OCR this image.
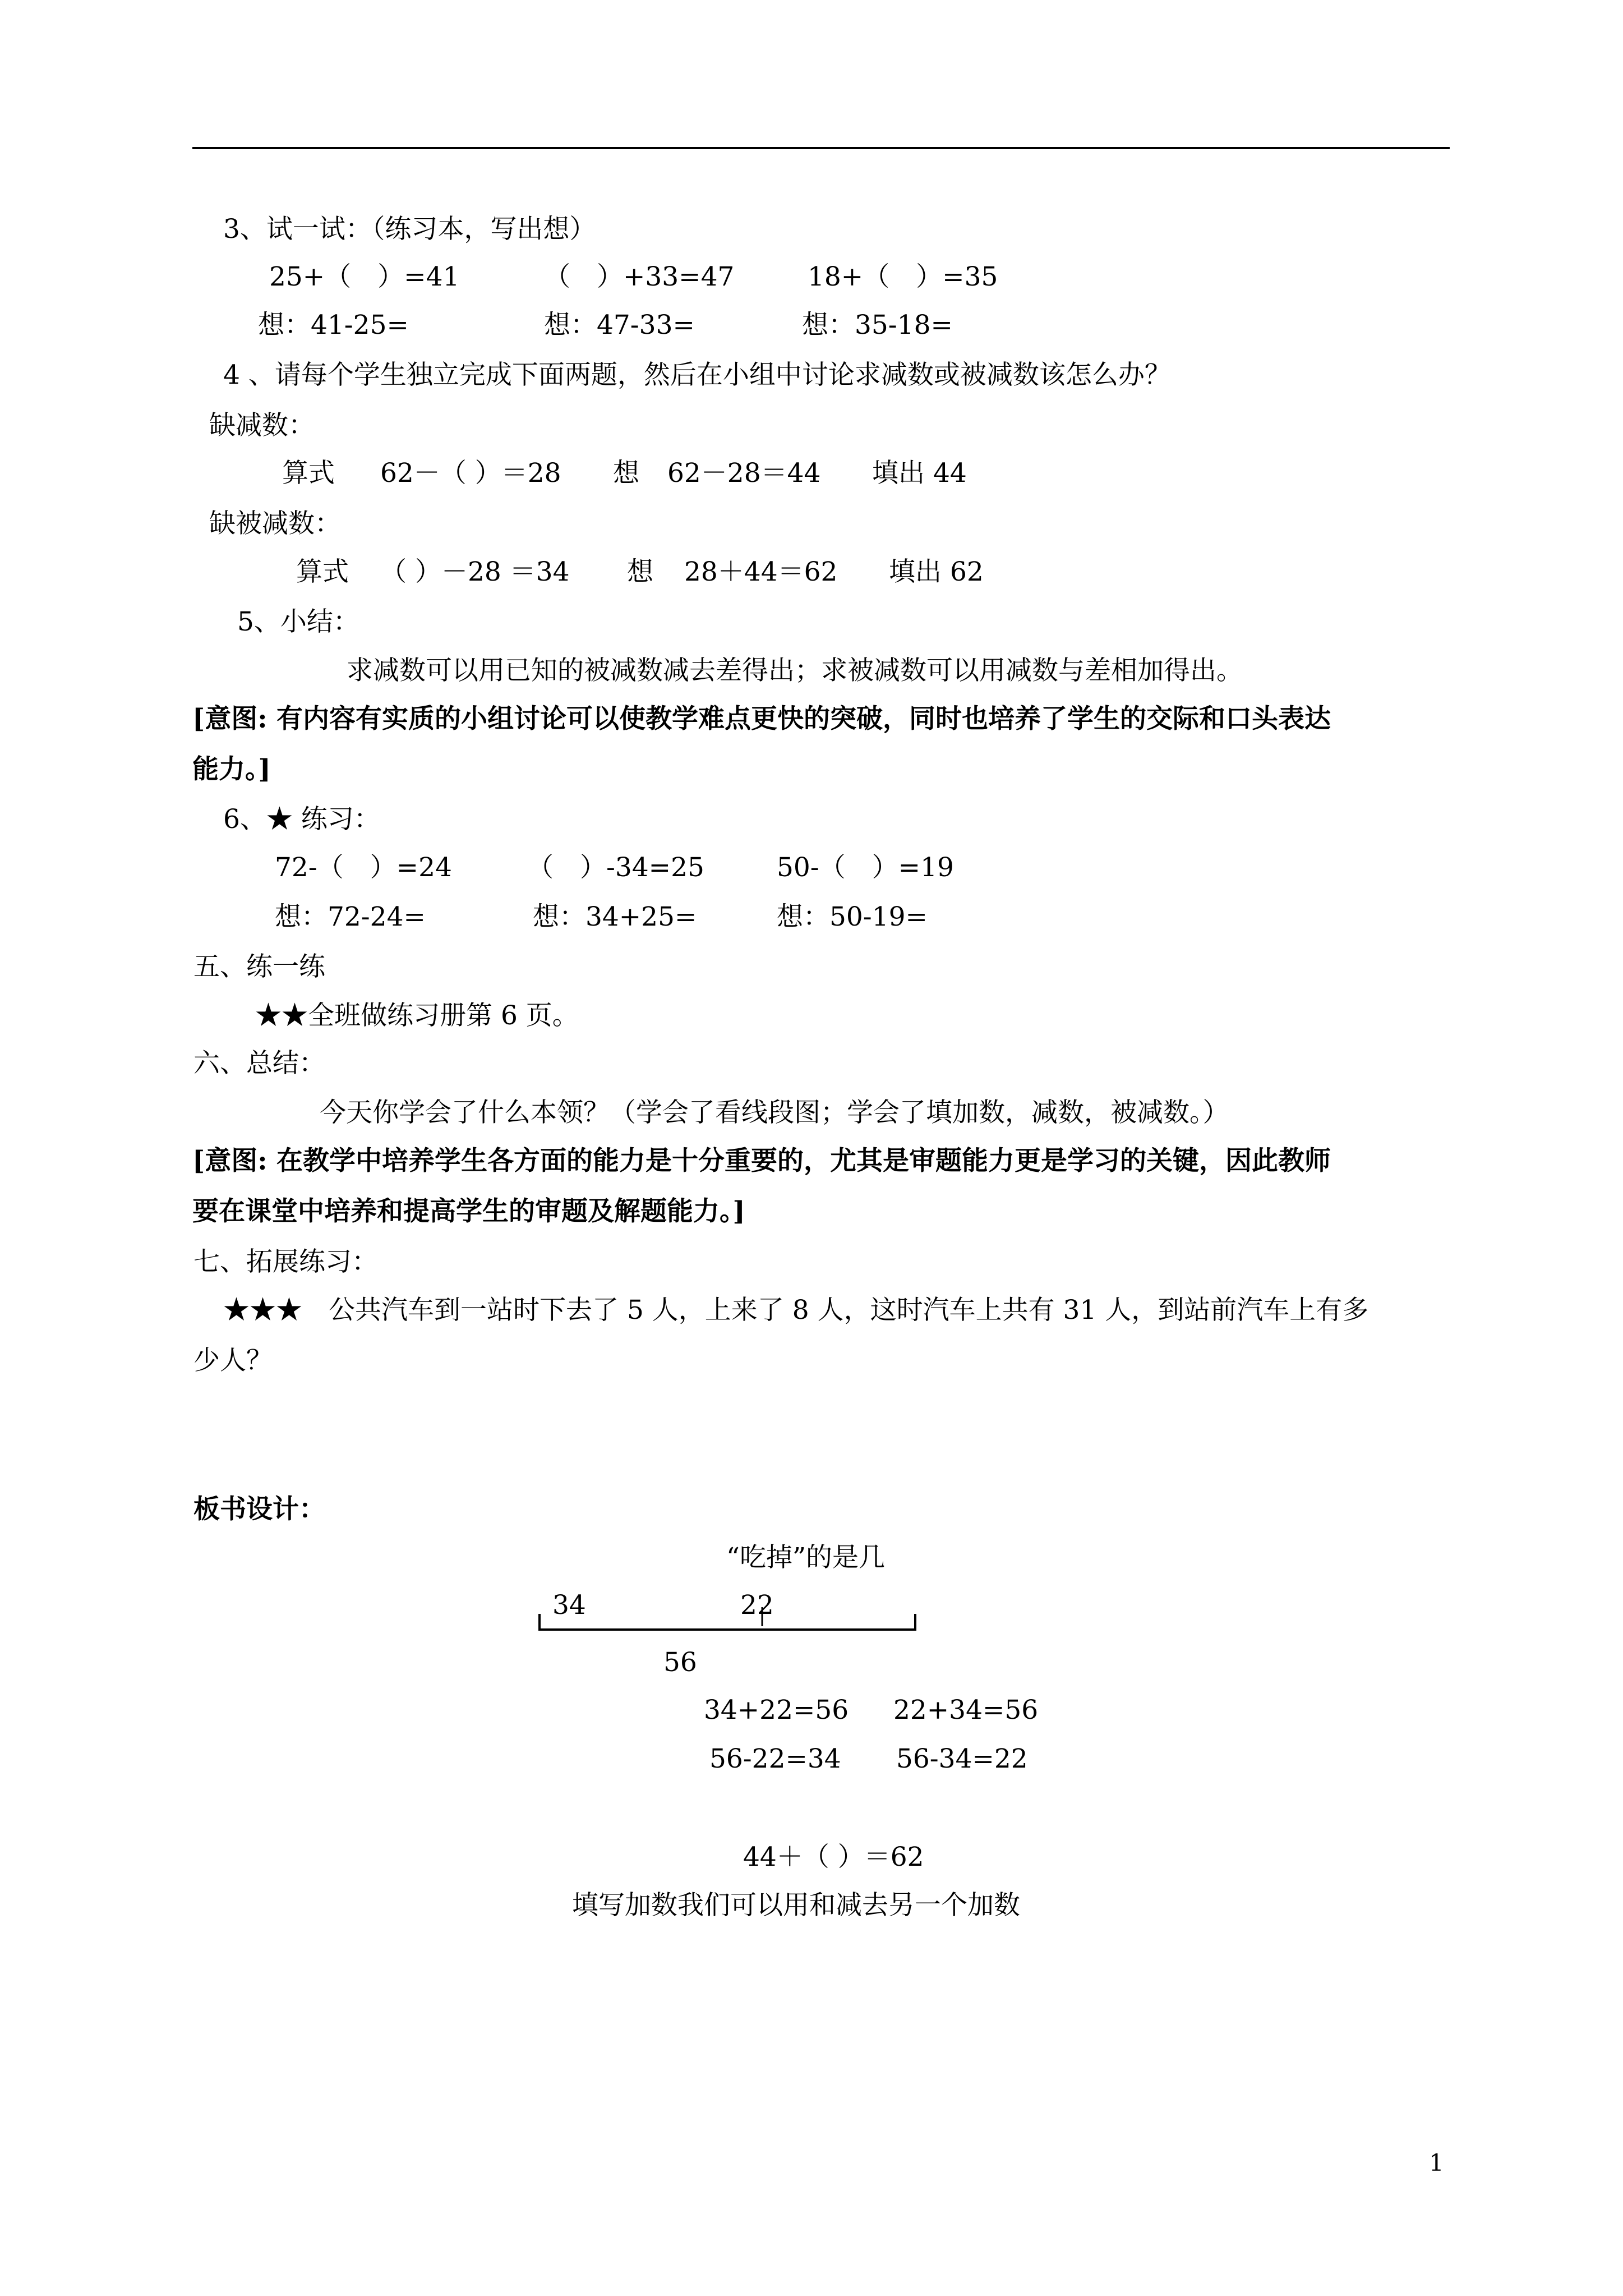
3、试一试：（练习本，写出想）
25+（　）=41	（　）+33=47	18+（　）=35
想：41-25=	想：47-33=	想：35-18=
4 、请每个学生独立完成下面两题，然后在小组中讨论求减数或被减数该怎么办？
缺减数：
算式 62－（ ）＝28 想 62－28＝44 填出 44
缺被减数：
算式 （ ）－28 ＝34 想 28＋44＝62 填出 62
5、小结：
求减数可以用已知的被减数减去差得出；求被减数可以用减数与差相加得出。
[意图: 有内容有实质的小组讨论可以使教学难点更快的突破，同时也培养了学生的交际和口头表达
能力。]
6、★ 练习：
72-（　）=24	（　）-34=25	50-（　）=19
想：72-24=	想：34+25=	想：50-19=
五、练一练
★★全班做练习册第 6 页。
六、总结：
今天你学会了什么本领？（学会了看线段图；学会了填加数，减数，被减数。）
[意图: 在教学中培养学生各方面的能力是十分重要的，尤其是审题能力更是学习的关键，因此教师
要在课堂中培养和提高学生的审题及解题能力。]
七、拓展练习：
★★★　公共汽车到一站时下去了 5 人，上来了 8 人，这时汽车上共有 31 人，到站前汽车上有多
少人？
板书设计：
“吃掉”的是几
34	22
56
34+22=56 22+34=56
56-22=34 56-34=22
44＋（ ）＝62
填写加数我们可以用和减去另一个加数
1
